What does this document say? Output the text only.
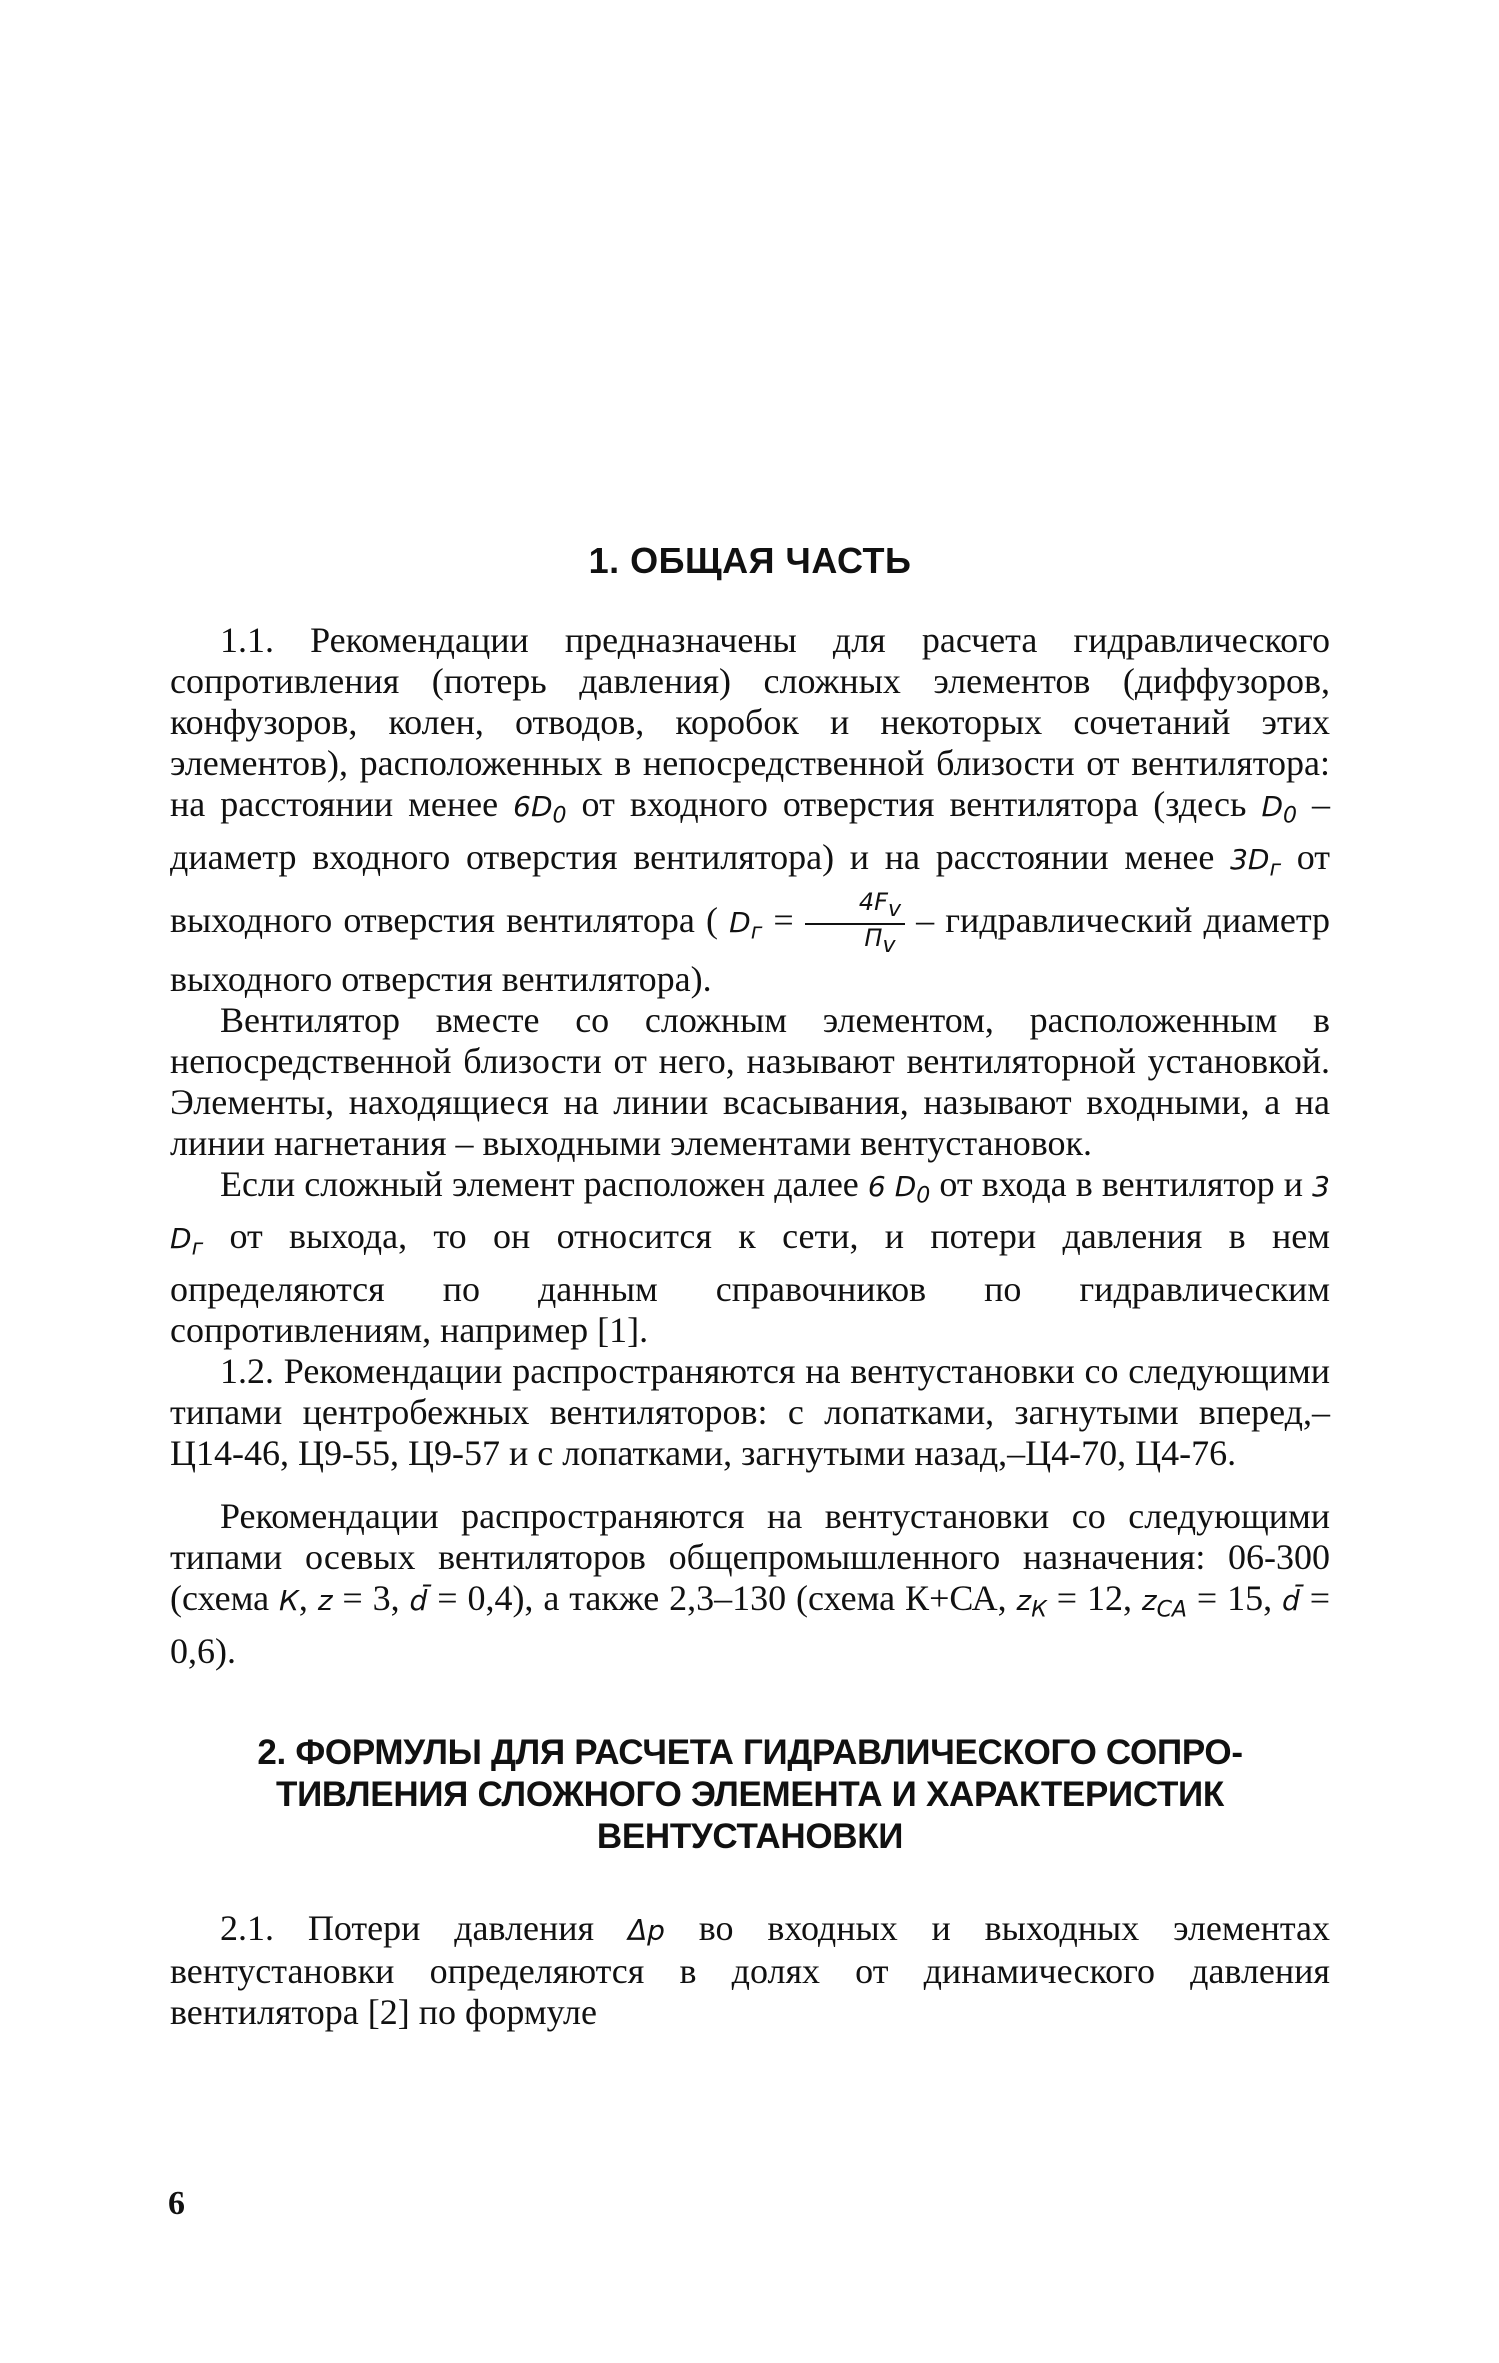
1. ОБЩАЯ ЧАСТЬ

1.1. Рекомендации предназначены для расчета гидравлического сопротивления (потерь давления) сложных элементов (диффузоров, конфузоров, колен, отводов, коробок и некоторых сочетаний этих элементов), расположенных в непосредственной близости от вентилятора: на расстоянии менее $6D_0$ от входного отверстия вентилятора (здесь $D_0$ – диаметр входного отверстия вентилятора) и на расстоянии менее $3D_г$ от выходного отверстия вентилятора ( $D_г = \frac{4F_v}{П_v}$ – гидравлический диаметр выходного отверстия вентилятора).

Вентилятор вместе со сложным элементом, расположенным в непосредственной близости от него, называют вентиляторной установкой. Элементы, находящиеся на линии всасывания, называют входными, а на линии нагнетания – выходными элементами вентустановок.

Если сложный элемент расположен далее 6 $D_0$ от входа в вентилятор и 3 $D_г$ от выхода, то он относится к сети, и потери давления в нем определяются по данным справочников по гидравлическим сопротивлениям, например [1].

1.2. Рекомендации распространяются на вентустановки со следующими типами центробежных вентиляторов: с лопатками, загнутыми вперед,–Ц14-46, Ц9-55, Ц9-57 и с лопатками, загнутыми назад,–Ц4-70, Ц4-76.

Рекомендации распространяются на вентустановки со следующими типами осевых вентиляторов общепромышленного назначения: 06-300 (схема К, z = 3, d̄ = 0,4), а также 2,3–130 (схема К+СА, $z_К = 12$, $z_{СА} = 15$, d̄ = 0,6).

2. ФОРМУЛЫ ДЛЯ РАСЧЕТА ГИДРАВЛИЧЕСКОГО СОПРО-
ТИВЛЕНИЯ СЛОЖНОГО ЭЛЕМЕНТА И ХАРАКТЕРИСТИК
ВЕНТУСТАНОВКИ

2.1. Потери давления Δp во входных и выходных элементах вентустановки определяются в долях от динамического давления вентилятора [2] по формуле

6
